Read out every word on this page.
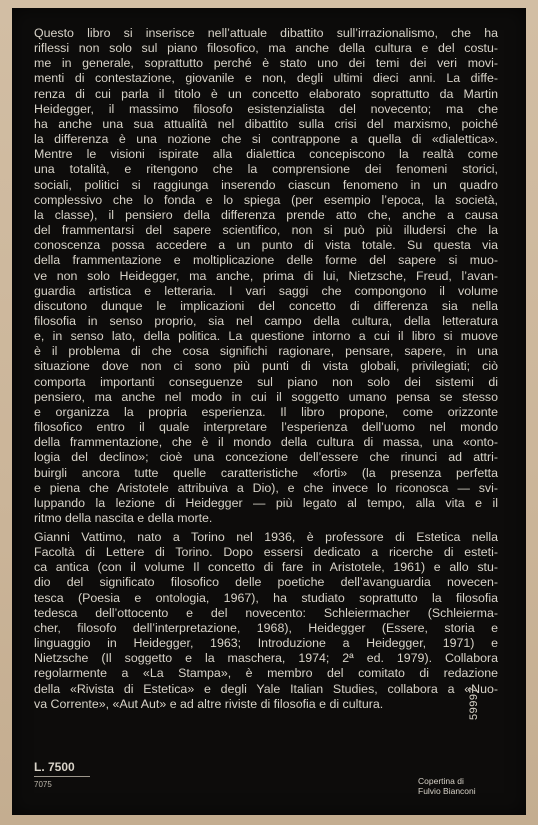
Questo libro si inserisce nell’attuale dibattito sull’irrazionalismo, che ha
riflessi non solo sul piano filosofico, ma anche della cultura e del costu-
me in generale, soprattutto perché è stato uno dei temi dei veri movi-
menti di contestazione, giovanile e non, degli ultimi dieci anni. La diffe-
renza di cui parla il titolo è un concetto elaborato soprattutto da Martin
Heidegger, il massimo filosofo esistenzialista del novecento; ma che
ha anche una sua attualità nel dibattito sulla crisi del marxismo, poiché
la differenza è una nozione che si contrappone a quella di «dialettica».
Mentre le visioni ispirate alla dialettica concepiscono la realtà come
una totalità, e ritengono che la comprensione dei fenomeni storici,
sociali, politici si raggiunga inserendo ciascun fenomeno in un quadro
complessivo che lo fonda e lo spiega (per esempio l’epoca, la società,
la classe), il pensiero della differenza prende atto che, anche a causa
del frammentarsi del sapere scientifico, non si può più illudersi che la
conoscenza possa accedere a un punto di vista totale. Su questa via
della frammentazione e moltiplicazione delle forme del sapere si muo-
ve non solo Heidegger, ma anche, prima di lui, Nietzsche, Freud, l’avan-
guardia artistica e letteraria. I vari saggi che compongono il volume
discutono dunque le implicazioni del concetto di differenza sia nella
filosofia in senso proprio, sia nel campo della cultura, della letteratura
e, in senso lato, della politica. La questione intorno a cui il libro si muove
è il problema di che cosa significhi ragionare, pensare, sapere, in una
situazione dove non ci sono più punti di vista globali, privilegiati; ciò
comporta importanti conseguenze sul piano non solo dei sistemi di
pensiero, ma anche nel modo in cui il soggetto umano pensa se stesso
e organizza la propria esperienza. Il libro propone, come orizzonte
filosofico entro il quale interpretare l’esperienza dell’uomo nel mondo
della frammentazione, che è il mondo della cultura di massa, una «onto-
logia del declino»; cioè una concezione dell’essere che rinunci ad attri-
buirgli ancora tutte quelle caratteristiche «forti» (la presenza perfetta
e piena che Aristotele attribuiva a Dio), e che invece lo riconosca — svi-
luppando la lezione di Heidegger — più legato al tempo, alla vita e il
ritmo della nascita e della morte.
Gianni Vattimo, nato a Torino nel 1936, è professore di Estetica nella
Facoltà di Lettere di Torino. Dopo essersi dedicato a ricerche di esteti-
ca antica (con il volume Il concetto di fare in Aristotele, 1961) e allo stu-
dio del significato filosofico delle poetiche dell’avanguardia novecen-
tesca (Poesia e ontologia, 1967), ha studiato soprattutto la filosofia
tedesca dell’ottocento e del novecento: Schleiermacher (Schleierma-
cher, filosofo dell’interpretazione, 1968), Heidegger (Essere, storia e
linguaggio in Heidegger, 1963; Introduzione a Heidegger, 1971) e
Nietzsche (Il soggetto e la maschera, 1974; 2ª ed. 1979). Collabora
regolarmente a «La Stampa», è membro del comitato di redazione
della «Rivista di Estetica» e degli Yale Italian Studies, collabora a «Nuo-
va Corrente», «Aut Aut» e ad altre riviste di filosofia e di cultura.	59997
L. 7500
7075	Copertina di
Fulvio Bianconi
